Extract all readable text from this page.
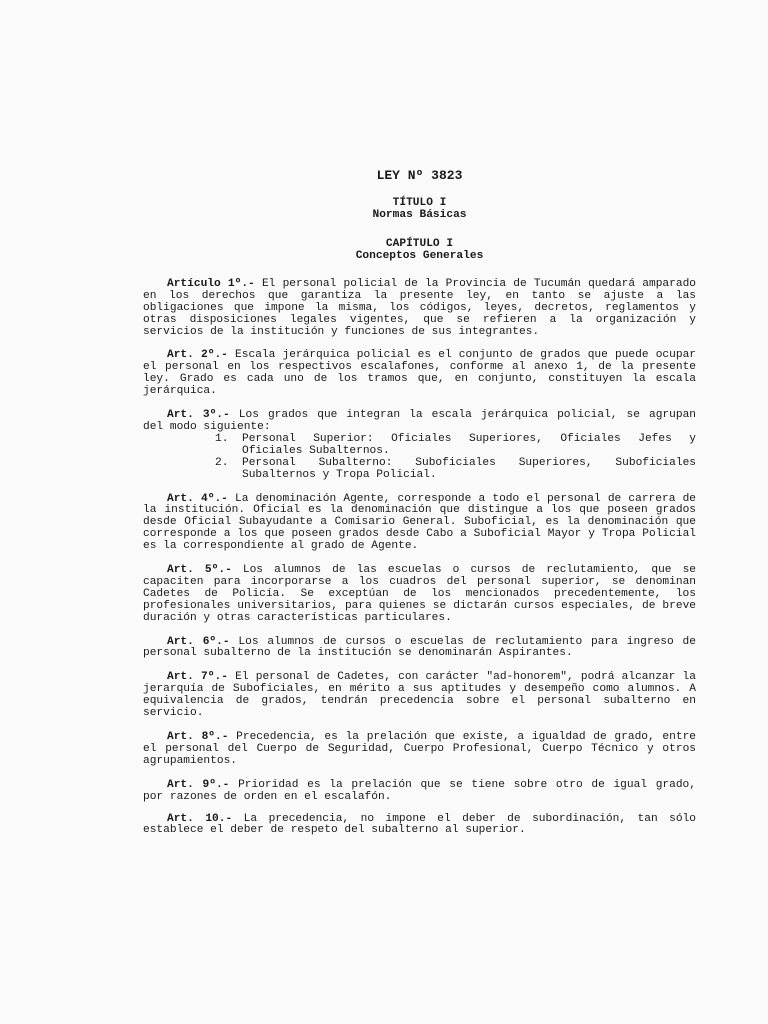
LEY Nº 3823
TÍTULO I
Normas Básicas
CAPÍTULO I
Conceptos Generales

Artículo 1º.- El personal policial de la Provincia de Tucumán quedará amparado en los derechos que garantiza la presente ley, en tanto se ajuste a las obligaciones que impone la misma, los códigos, leyes, decretos, reglamentos y otras disposiciones legales vigentes, que se refieren a la organización y servicios de la institución y funciones de sus integrantes.

Art. 2º.- Escala jerárquica policial es el conjunto de grados que puede ocupar el personal en los respectivos escalafones, conforme al anexo 1, de la presente ley. Grado es cada uno de los tramos que, en conjunto, constituyen la escala jerárquica.

Art. 3º.- Los grados que integran la escala jerárquica policial, se agrupan del modo siguiente:

1. Personal Superior: Oficiales Superiores, Oficiales Jefes y Oficiales Subalternos.
2. Personal Subalterno: Suboficiales Superiores, Suboficiales Subalternos y Tropa Policial.

Art. 4º.- La denominación Agente, corresponde a todo el personal de carrera de la institución. Oficial es la denominación que distingue a los que poseen grados desde Oficial Subayudante a Comisario General. Suboficial, es la denominación que corresponde a los que poseen grados desde Cabo a Suboficial Mayor y Tropa Policial es la correspondiente al grado de Agente.

Art. 5º.- Los alumnos de las escuelas o cursos de reclutamiento, que se capaciten para incorporarse a los cuadros del personal superior, se denominan Cadetes de Policía. Se exceptúan de los mencionados precedentemente, los profesionales universitarios, para quienes se dictarán cursos especiales, de breve duración y otras características particulares.

Art. 6º.- Los alumnos de cursos o escuelas de reclutamiento para ingreso de personal subalterno de la institución se denominarán Aspirantes.

Art. 7º.- El personal de Cadetes, con carácter "ad-honorem", podrá alcanzar la jerarquía de Suboficiales, en mérito a sus aptitudes y desempeño como alumnos. A equivalencia de grados, tendrán precedencia sobre el personal subalterno en servicio.

Art. 8º.- Precedencia, es la prelación que existe, a igualdad de grado, entre el personal del Cuerpo de Seguridad, Cuerpo Profesional, Cuerpo Técnico y otros agrupamientos.

Art. 9º.- Prioridad es la prelación que se tiene sobre otro de igual grado, por razones de orden en el escalafón.

Art. 10.- La precedencia, no impone el deber de subordinación, tan sólo establece el deber de respeto del subalterno al superior.
